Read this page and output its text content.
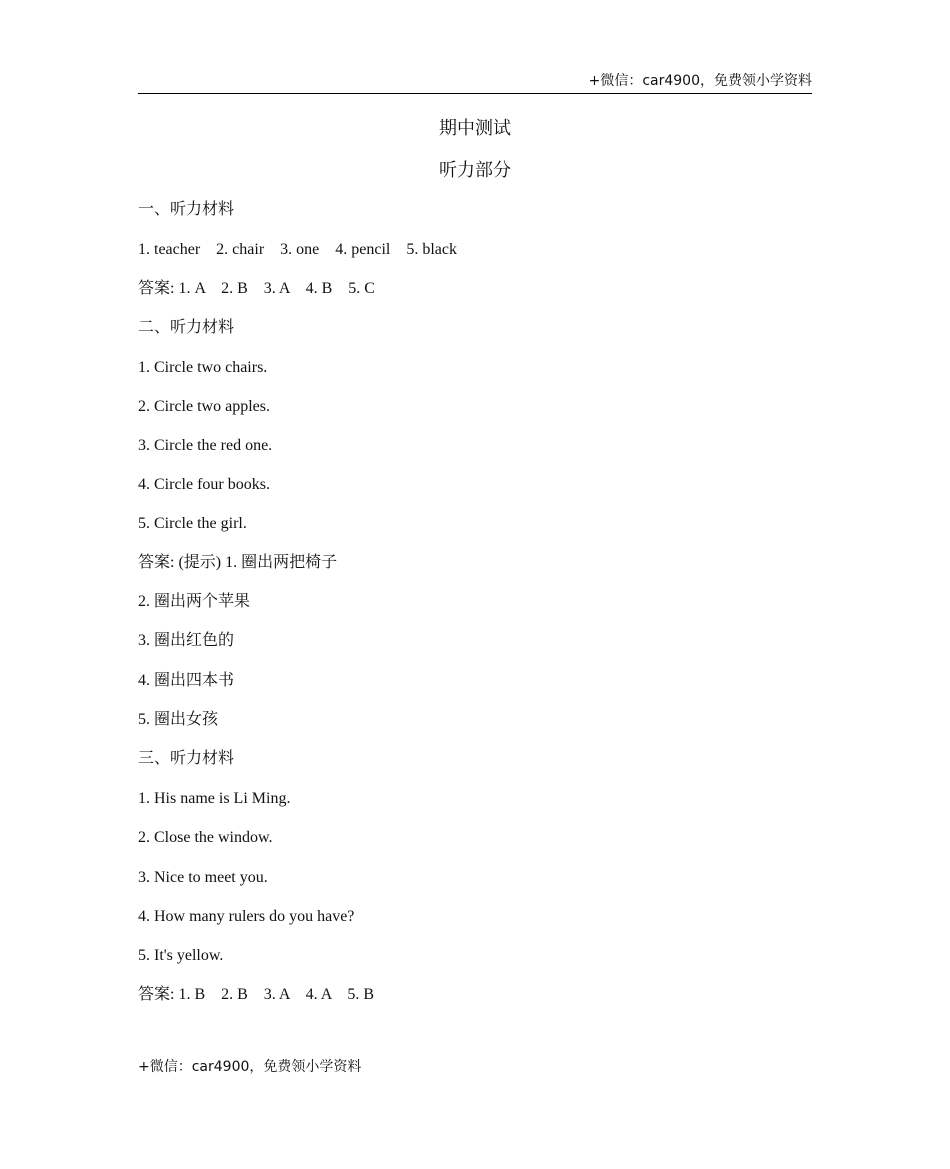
+微信：car4900，免费领小学资料
期中测试
听力部分
一、听力材料
1. teacher    2. chair    3. one    4. pencil    5. black
答案: 1. A    2. B    3. A    4. B    5. C
二、听力材料
1. Circle two chairs.
2. Circle two apples.
3. Circle the red one.
4. Circle four books.
5. Circle the girl.
答案: (提示) 1. 圈出两把椅子
2. 圈出两个苹果
3. 圈出红色的
4. 圈出四本书
5. 圈出女孩
三、听力材料
1. His name is Li Ming.
2. Close the window.
3. Nice to meet you.
4. How many rulers do you have?
5. It's yellow.
答案: 1. B    2. B    3. A    4. A    5. B
+微信：car4900，免费领小学资料
